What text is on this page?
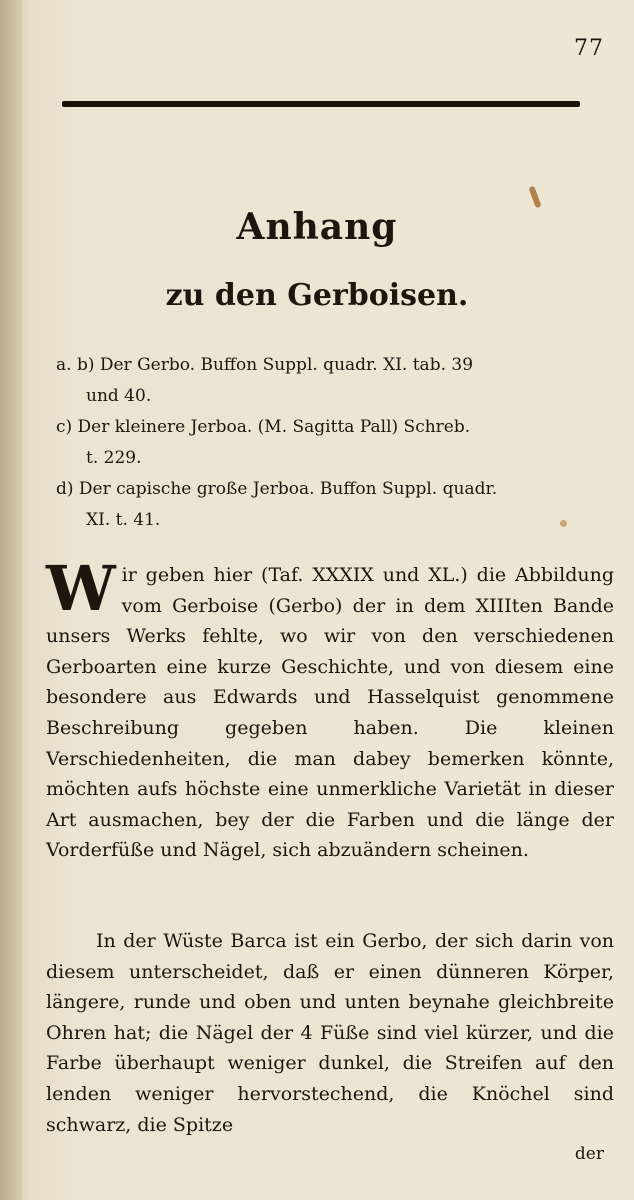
77
Anhang
zu den Gerboisen.
a. b) Der Gerbo. Buffon Suppl. quadr. XI. tab. 39
und 40.
c) Der kleinere Jerboa. (M. Sagitta Pall) Schreb.
t. 229.
d) Der capische große Jerboa. Buffon Suppl. quadr.
XI. t. 41.
Wir geben hier (Taf. XXXIX und XL.) die Abbildung vom Gerboise (Gerbo) der in dem XIIIten Bande unsers Werks fehlte, wo wir von den verschiedenen Gerboarten eine kurze Geschichte, und von diesem eine besondere aus Edwards und Hasselquist genommene Beschreibung gegeben haben. Die kleinen Verschiedenheiten, die man dabey bemerken könnte, möchten aufs höchste eine unmerkliche Varietät in dieser Art ausmachen, bey der die Farben und die länge der Vorderfüße und Nägel, sich abzuändern scheinen.
In der Wüste Barca ist ein Gerbo, der sich darin von diesem unterscheidet, daß er einen dünneren Körper, längere, runde und oben und unten beynahe gleichbreite Ohren hat; die Nägel der 4 Füße sind viel kürzer, und die Farbe überhaupt weniger dunkel, die Streifen auf den lenden weniger hervorstechend, die Knöchel sind schwarz, die Spitze
der
